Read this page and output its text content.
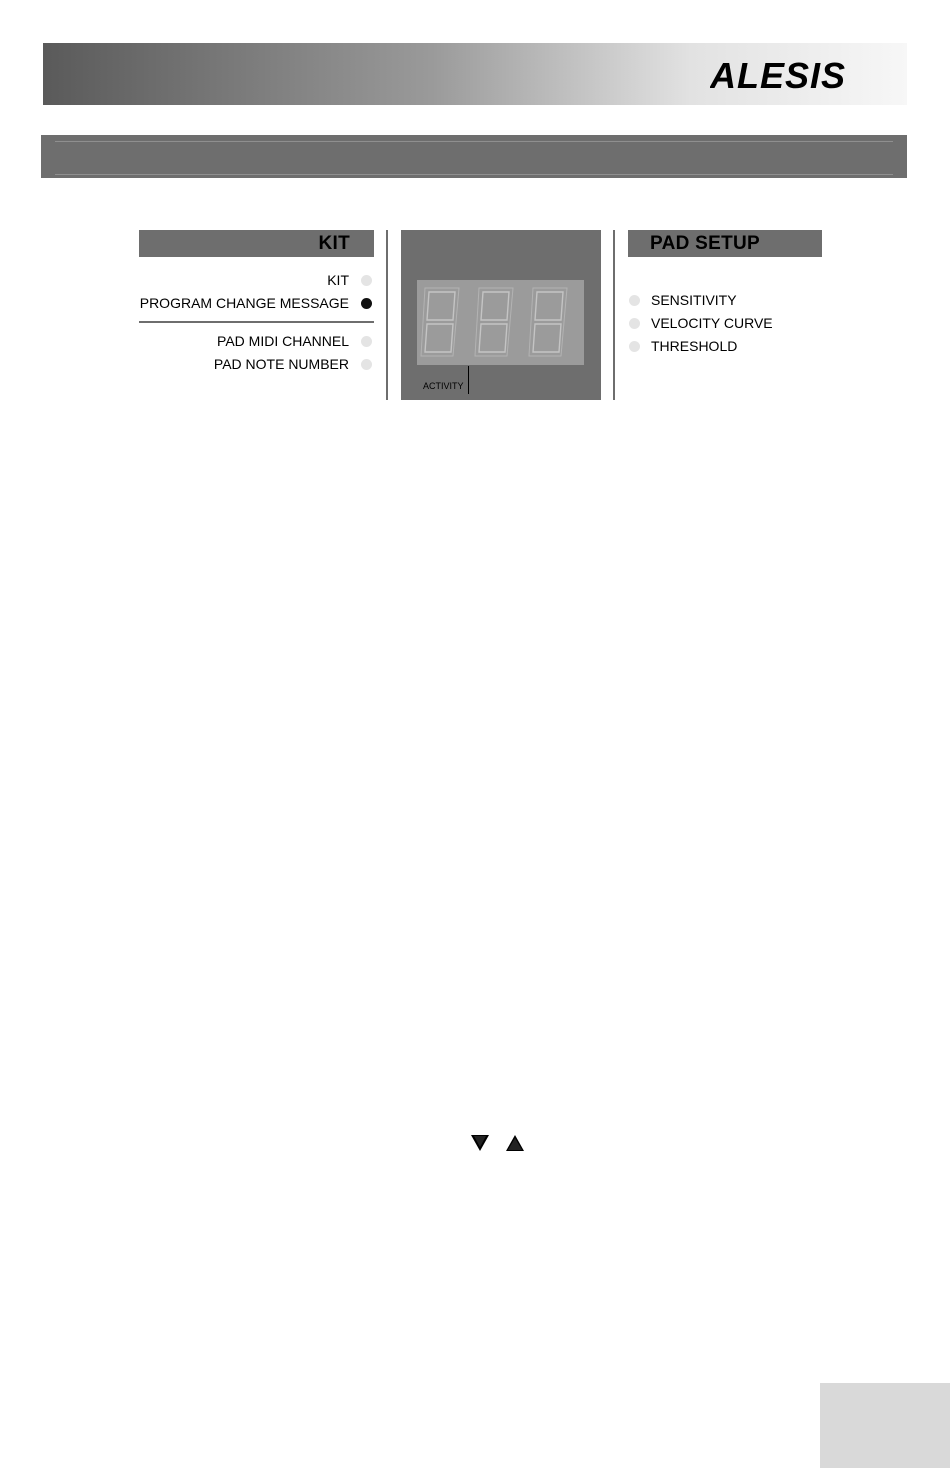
ALESIS
KIT
KIT
PROGRAM CHANGE MESSAGE
PAD MIDI CHANNEL
PAD NOTE NUMBER
ACTIVITY
PAD SETUP
SENSITIVITY
VELOCITY CURVE
THRESHOLD
